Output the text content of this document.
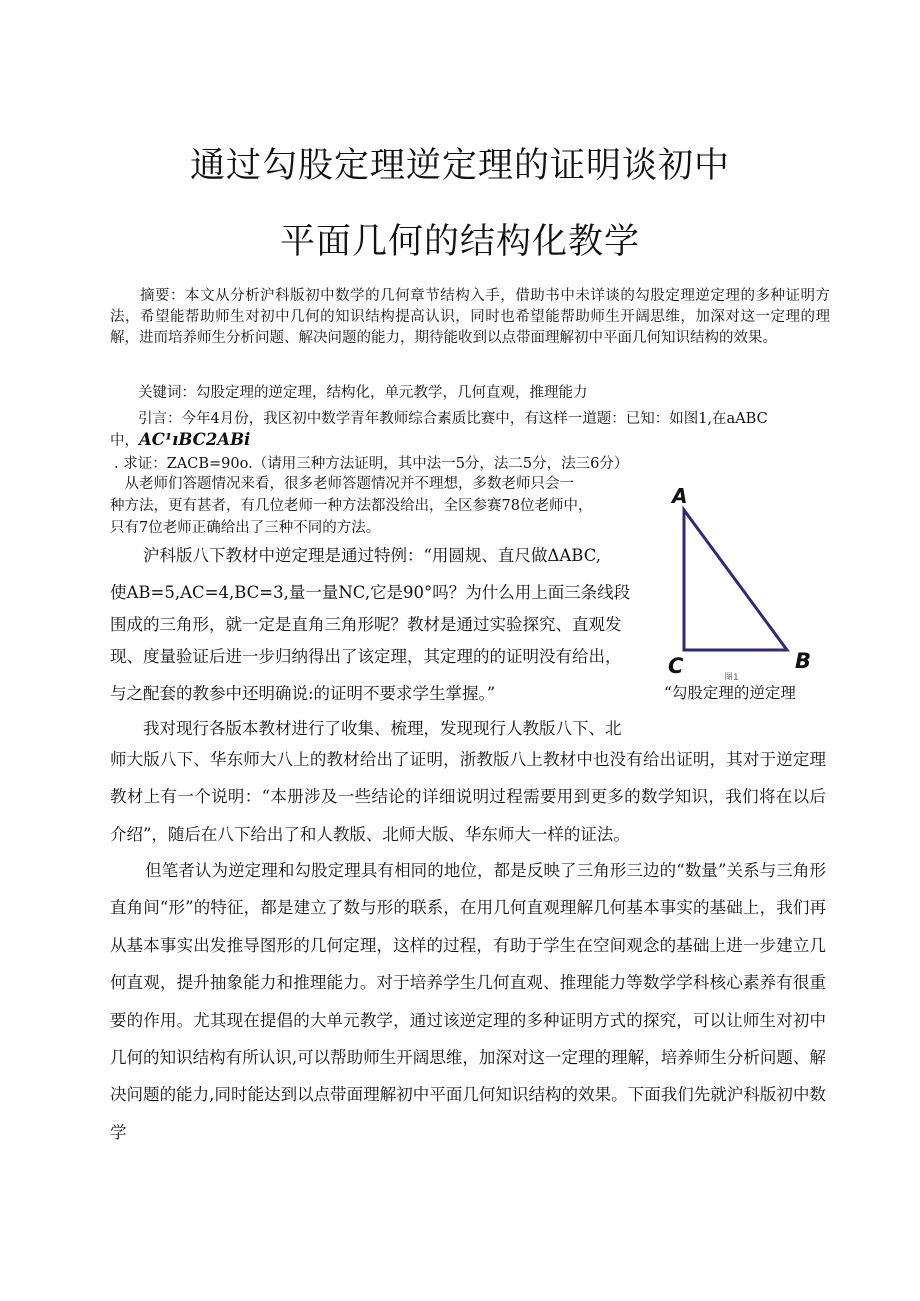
通过勾股定理逆定理的证明谈初中
平面几何的结构化教学
　　摘要：本文从分析沪科版初中数学的几何章节结构入手，借助书中未详谈的勾股定理逆定理的多种证明方法，希望能帮助师生对初中几何的知识结构提高认识，同时也希望能帮助师生开阔思维，加深对这一定理的理解，进而培养师生分析问题、解决问题的能力，期待能收到以点带面理解初中平面几何知识结构的效果。
关键词：勾股定理的逆定理，结构化，单元教学，几何直观，推理能力
引言：今年4月份，我区初中数学青年教师综合素质比赛中，有这样一道题：已知：如图1,在aABC
中，AC¹ıBC2ABi
. 求证：ZACB=90o.（请用三种方法证明，其中法一5分，法二5分，法三6分）
　从老师们答题情况来看，很多老师答题情况并不理想，多数老师只会一
种方法，更有甚者，有几位老师一种方法都没给出，全区参赛78位老师中，
只有7位老师正确给出了三种不同的方法。
　　沪科版八下教材中逆定理是通过特例：“用圆规、直尺做ΔABC,
使AB=5,AC=4,BC=3,量一量NC,它是90°吗？为什么用上面三条线段
围成的三角形，就一定是直角三角形呢？教材是通过实验探究、直观发
现、度量验证后进一步归纳得出了该定理，其定理的的证明没有给出，
与之配套的教参中还明确说:的证明不要求学生掌握。”
　　我对现行各版本教材进行了收集、梳理，发现现行人教版八下、北
A
C	B
图1
“勾股定理的逆定理
师大版八下、华东师大八上的教材给出了证明，浙教版八上教材中也没有给出证明，其对于逆定理教材上有一个说明：“本册涉及一些结论的详细说明过程需要用到更多的数学知识，我们将在以后介绍”，随后在八下给出了和人教版、北师大版、华东师大一样的证法。
但笔者认为逆定理和勾股定理具有相同的地位，都是反映了三角形三边的“数量”关系与三角形直角间“形”的特征，都是建立了数与形的联系，在用几何直观理解几何基本事实的基础上，我们再从基本事实出发推导图形的几何定理，这样的过程，有助于学生在空间观念的基础上进一步建立几何直观，提升抽象能力和推理能力。对于培养学生几何直观、推理能力等数学学科核心素养有很重要的作用。尤其现在提倡的大单元教学，通过该逆定理的多种证明方式的探究，可以让师生对初中几何的知识结构有所认识,可以帮助师生开阔思维，加深对这一定理的理解，培养师生分析问题、解决问题的能力,同时能达到以点带面理解初中平面几何知识结构的效果。下面我们先就沪科版初中数学
